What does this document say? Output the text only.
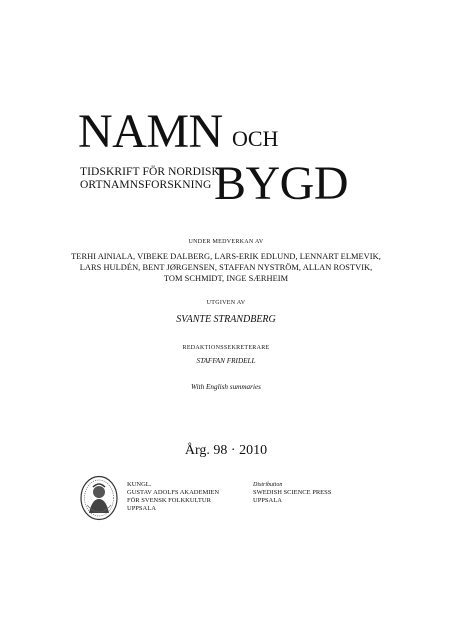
NAMN OCH
TIDSKRIFT FÖR NORDISK
ORTNAMNSFORSKNING BYGD
UNDER MEDVERKAN AV
TERHI AINIALA, VIBEKE DALBERG, LARS-ERIK EDLUND, LENNART ELMEVIK,
LARS HULDÉN, BENT JØRGENSEN, STAFFAN NYSTRÖM, ALLAN ROSTVIK,
TOM SCHMIDT, INGE SÆRHEIM
UTGIVEN AV
SVANTE STRANDBERG
REDAKTIONSSEKRETERARE
STAFFAN FRIDELL
With English summaries
Årg. 98 · 2010
KUNGL.
GUSTAV ADOLFS AKADEMIEN
FÖR SVENSK FOLKKULTUR
UPPSALA
Distribution
SWEDISH SCIENCE PRESS
UPPSALA
